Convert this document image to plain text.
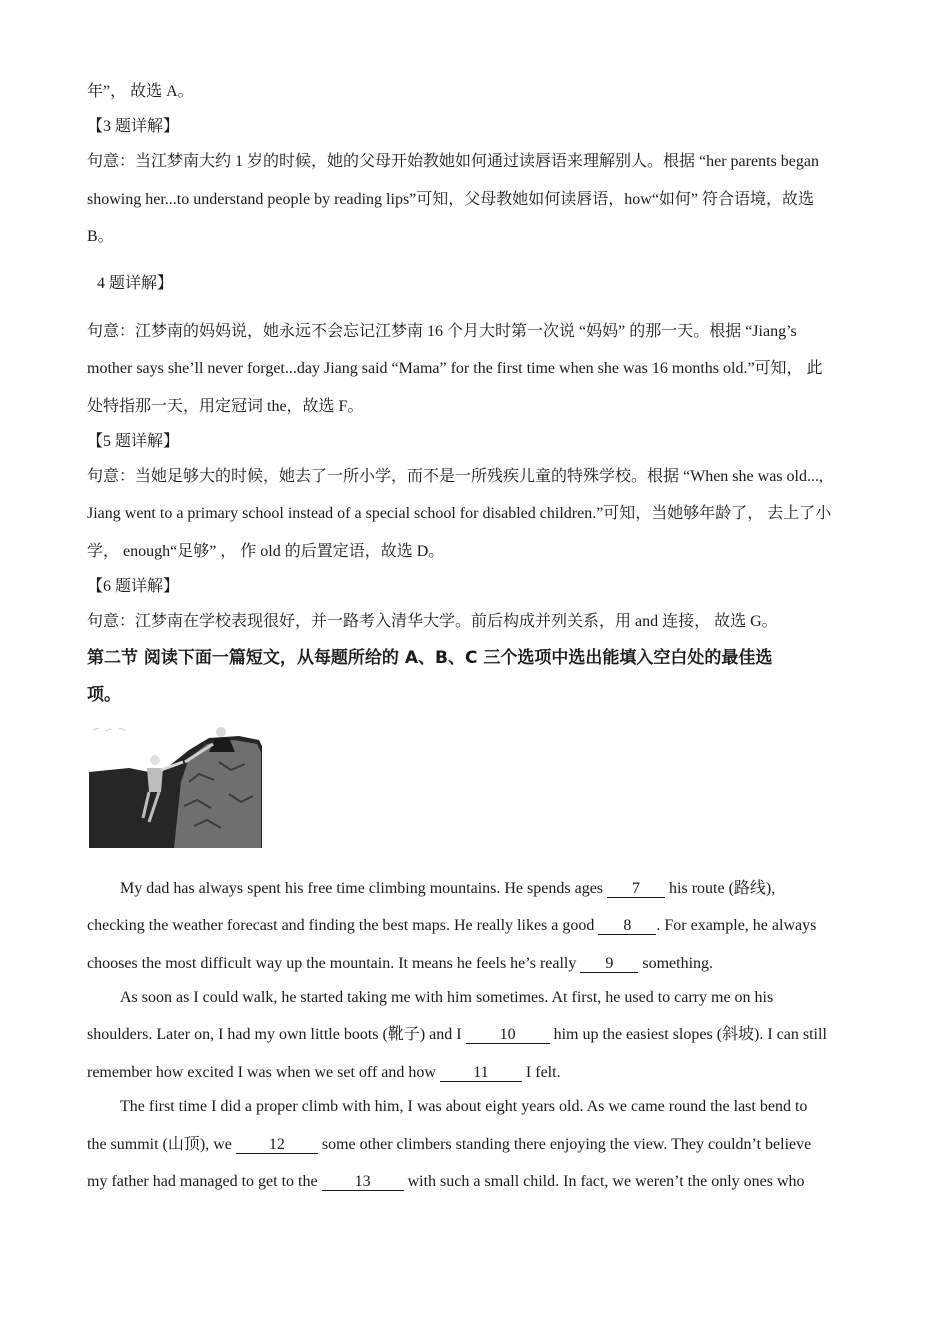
年”， 故选 A。
【3 题详解】
句意：当江梦南大约 1 岁的时候，她的父母开始教她如何通过读唇语来理解别人。根据 “her parents began
showing her...to understand people by reading lips”可知，父母教她如何读唇语，how“如何” 符合语境，故选
B。
4 题详解】
句意：江梦南的妈妈说，她永远不会忘记江梦南 16 个月大时第一次说 “妈妈” 的那一天。根据 “Jiang’s
mother says she’ll never forget...day Jiang said “Mama” for the first time when she was 16 months old.”可知， 此
处特指那一天，用定冠词 the，故选 F。
【5 题详解】
句意：当她足够大的时候，她去了一所小学，而不是一所残疾儿童的特殊学校。根据 “When she was old...,
Jiang went to a primary school instead of a special school for disabled children.”可知，当她够年龄了， 去上了小
学， enough“足够” ， 作 old 的后置定语，故选 D。
【6 题详解】
句意：江梦南在学校表现很好，并一路考入清华大学。前后构成并列关系，用 and 连接， 故选 G。
第二节 阅读下面一篇短文，从每题所给的 A、B、C 三个选项中选出能填入空白处的最佳选
项。
My dad has always spent his free time climbing mountains. He spends ages 7 his route (路线),
checking the weather forecast and finding the best maps. He really likes a good 8 . For example, he always
chooses the most difficult way up the mountain. It means he feels he’s really 9 something.
As soon as I could walk, he started taking me with him sometimes. At first, he used to carry me on his
shoulders. Later on, I had my own little boots (靴子) and I 10 him up the easiest slopes (斜坡). I can still
remember how excited I was when we set off and how 11 I felt.
The first time I did a proper climb with him, I was about eight years old. As we came round the last bend to
the summit (山顶), we 12 some other climbers standing there enjoying the view. They couldn’t believe
my father had managed to get to the 13 with such a small child. In fact, we weren’t the only ones who
